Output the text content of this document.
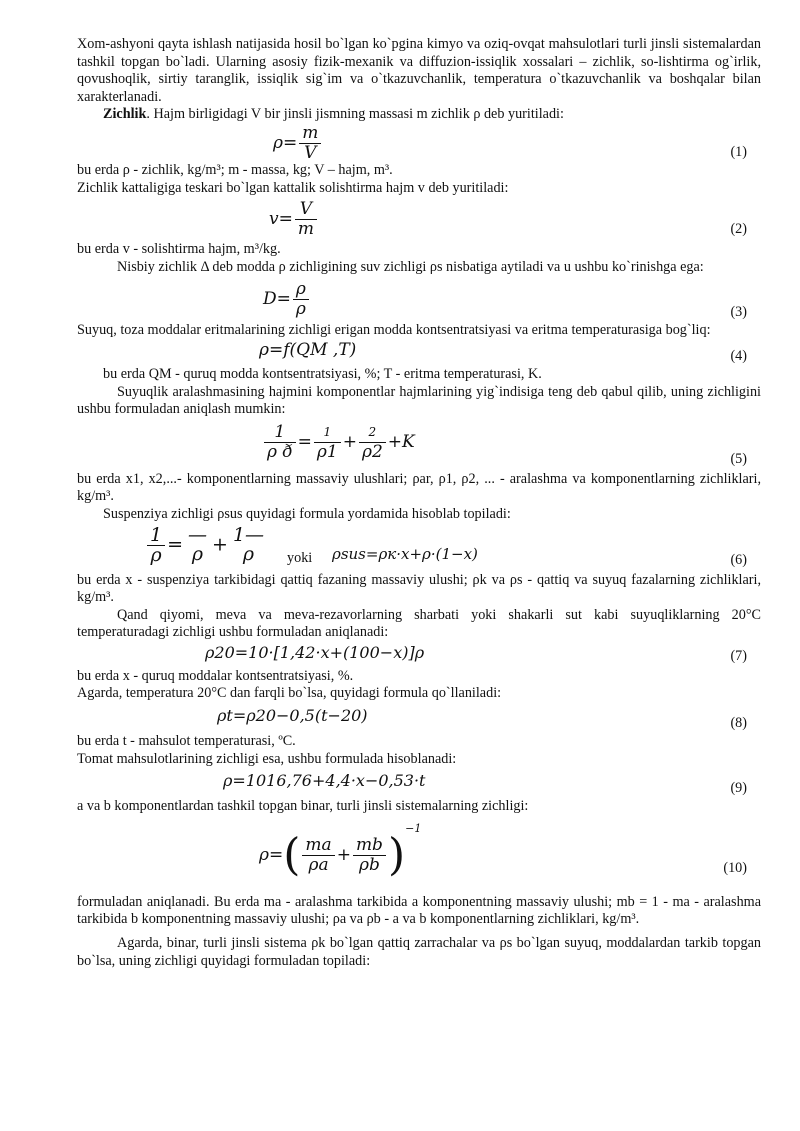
Xom-ashyoni qayta ishlash natijasida hosil bo`lgan ko`pgina kimyo va oziq-ovqat mahsulotlari turli jinsli sistemalardan tashkil topgan bo`ladi. Ularning asosiy fizik-mexanik va diffuzion-issiqlik xossalari – zichlik, so-lishtirma og`irlik, qovushoqlik, sirtiy taranglik, issiqlik sig`im va o`tkazuvchanlik, temperatura o`tkazuvchanlik va boshqalar bilan xarakterlanadi.

Zichlik. Hajm birligidagi V bir jinsli jismning massasi m zichlik ρ deb yuritiladi:

$\rho= \frac{m}{V}$	(1)

bu erda ρ - zichlik, kg/m³; m - massa, kg; V – hajm, m³.

Zichlik kattaligiga teskari bo`lgan kattalik solishtirma hajm v deb yuritiladi:

$v= \frac{V}{m}$	(2)

bu erda v - solishtirma hajm, m³/kg.

Nisbiy zichlik Δ deb modda ρ zichligining suv zichligi ρs nisbatiga aytiladi va u ushbu ko`rinishga ega:

$D= \frac{\rho}{\rho}$	(3)

Suyuq, toza moddalar eritmalarining zichligi erigan modda kontsentratsiyasi va eritma temperaturasiga bog`liq:

ρ=f(QM ,T)	(4)

bu erda QM - quruq modda kontsentratsiyasi, %; T - eritma temperaturasi, K.

Suyuqlik aralashmasining hajmini komponentlar hajmlarining yig`indisiga teng deb qabul qilib, uning zichligini ushbu formuladan aniqlash mumkin:

$\frac{1}{\text{ρ ð}} = \frac{1}{\rho 1} + \frac{2}{\rho 2} +K$
(5)

bu erda x1, x2,...- komponentlarning massaviy ulushlari; ρar, ρ1, ρ2, ... - aralashma va komponentlarning zichliklari, kg/m³.

Suspenziya zichligi ρsus quyidagi formula yordamida hisoblab topiladi:

$\frac{1}{\rho}$ = —
ρ + 1—
ρ	yoki ρsus=ρк·x+ρ·(1−x)	(6)

bu erda x - suspenziya tarkibidagi qattiq fazaning massaviy ulushi; ρk va ρs - qattiq va suyuq fazalarning zichliklari, kg/m³.

Qand qiyomi, meva va meva-rezavorlarning sharbati yoki shakarli sut kabi suyuqliklarning 20°C temperaturadagi zichligi ushbu formuladan aniqlanadi:

ρ20=10·[1,42·x+(100−x)]ρ	(7)

bu erda x - quruq moddalar kontsentratsiyasi, %.

Agarda, temperatura 20°C dan farqli bo`lsa, quyidagi formula qo`llaniladi:

ρt=ρ20−0,5(t−20)	(8)

bu erda t - mahsulot temperaturasi, ºC.

Tomat mahsulotlarining zichligi esa, ushbu formulada hisoblanadi:

ρ=1016,76+4,4·x−0,53·t	(9)

a va b komponentlardan tashkil topgan binar, turli jinsli sistemalarning zichligi:

$\rho=( \frac{ma}{\rho a} + \frac{mb}{\rho b} )^{-1}$
(10)

formuladan aniqlanadi. Bu erda ma - aralashma tarkibida a komponentning massaviy ulushi; mb = 1 - ma - aralashma tarkibida b komponentning massaviy ulushi; ρa va ρb - a va b komponentlarning zichliklari, kg/m³.

Agarda, binar, turli jinsli sistema ρk bo`lgan qattiq zarrachalar va ρs bo`lgan suyuq, moddalardan tarkib topgan bo`lsa, uning zichligi quyidagi formuladan topiladi:
